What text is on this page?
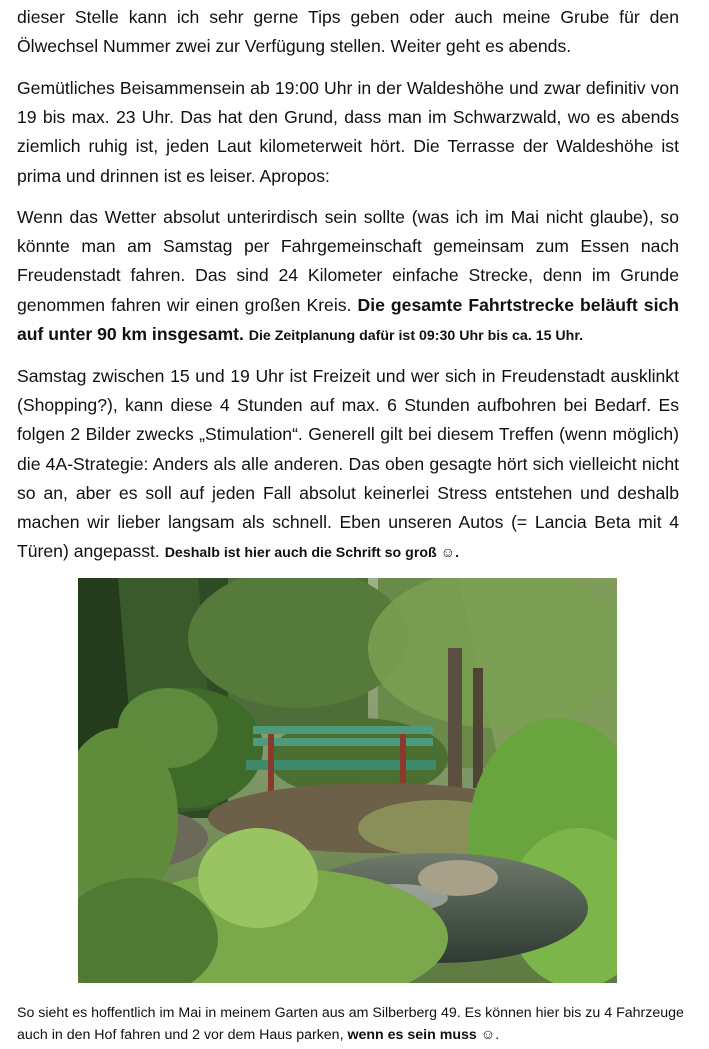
dieser Stelle kann ich sehr gerne Tips geben oder auch meine Grube für den Ölwechsel Nummer zwei zur Verfügung stellen. Weiter geht es abends.

Gemütliches Beisammensein ab 19:00 Uhr in der Waldeshöhe und zwar definitiv von 19 bis max. 23 Uhr. Das hat den Grund, dass man im Schwarzwald, wo es abends ziemlich ruhig ist, jeden Laut kilometerweit hört. Die Terrasse der Waldeshöhe ist prima und drinnen ist es leiser. Apropos:

Wenn das Wetter absolut unterirdisch sein sollte (was ich im Mai nicht glaube), so könnte man am Samstag per Fahrgemeinschaft gemeinsam zum Essen nach Freudenstadt fahren. Das sind 24 Kilometer einfache Strecke, denn im Grunde genommen fahren wir einen großen Kreis. Die gesamte Fahrtstrecke beläuft sich auf unter 90 km insgesamt. Die Zeitplanung dafür ist 09:30 Uhr bis ca. 15 Uhr.

Samstag zwischen 15 und 19 Uhr ist Freizeit und wer sich in Freudenstadt ausklinkt (Shopping?), kann diese 4 Stunden auf max. 6 Stunden aufbohren bei Bedarf. Es folgen 2 Bilder zwecks „Stimulation“. Generell gilt bei diesem Treffen (wenn möglich) die 4A-Strategie: Anders als alle anderen. Das oben gesagte hört sich vielleicht nicht so an, aber es soll auf jeden Fall absolut keinerlei Stress entstehen und deshalb machen wir lieber langsam als schnell. Eben unseren Autos (= Lancia Beta mit 4 Türen) angepasst. Deshalb ist hier auch die Schrift so groß ☺.

So sieht es hoffentlich im Mai in meinem Garten aus am Silberberg 49. Es können hier bis zu 4 Fahrzeuge auch in den Hof fahren und 2 vor dem Haus parken, wenn es sein muss ☺.
